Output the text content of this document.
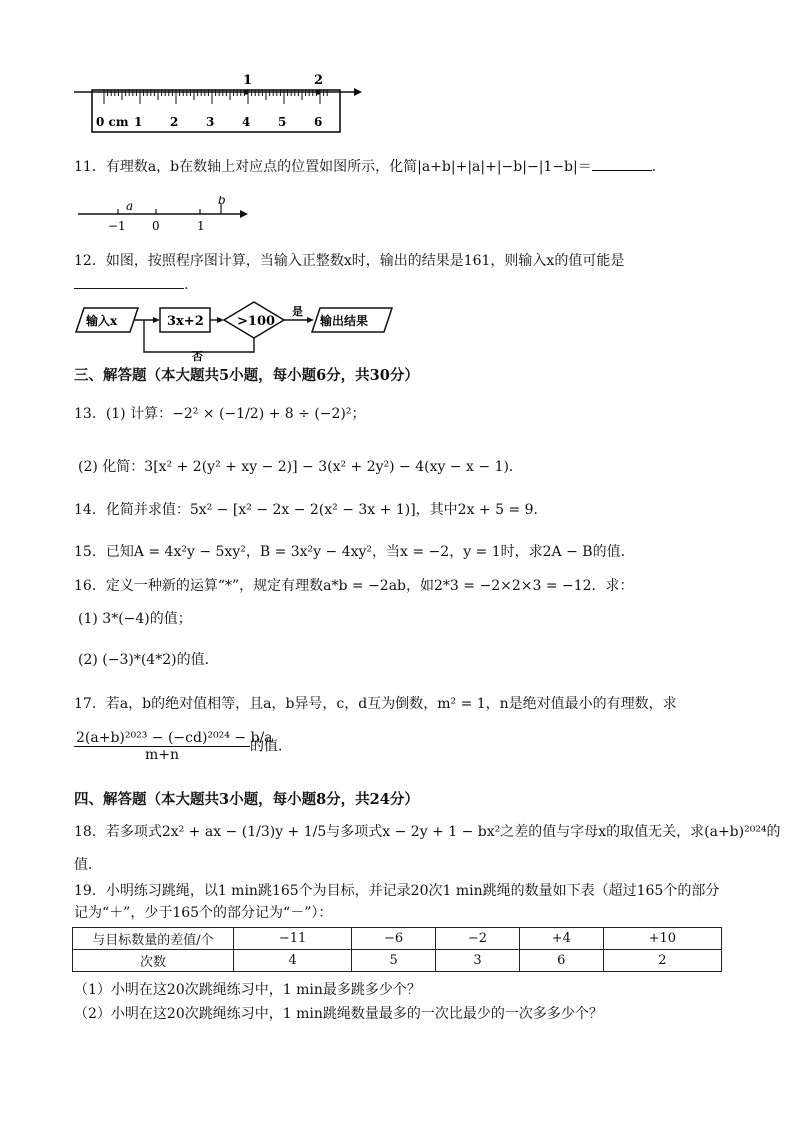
1	2
0 cm 1 2 3 4 5 6
11．有理数a，b在数轴上对应点的位置如图所示，化简|a+b|+|a|+|−b|−|1−b|＝	.
a	b
−1 0	1
12．如图，按照程序图计算，当输入正整数x时，输出的结果是161，则输入x的值可能是
.
输入x	3x+2	>100
是
输出结果
否
三、解答题（本大题共5小题，每小题6分，共30分）
13．(1) 计算：−2² × (−1/2) + 8 ÷ (−2)²；
(2) 化简：3[x² + 2(y² + xy − 2)] − 3(x² + 2y²) − 4(xy − x − 1)．
14．化简并求值：5x² − [x² − 2x − 2(x² − 3x + 1)]，其中2x + 5 = 9．
15．已知A = 4x²y − 5xy²，B = 3x²y − 4xy²，当x = −2，y = 1时，求2A − B的值．
16．定义一种新的运算“*”，规定有理数a*b = −2ab，如2*3 = −2×2×3 = −12．求：
(1) 3*(−4)的值；
(2) (−3)*(4*2)的值．
17．若a，b的绝对值相等，且a，b异号，c，d互为倒数，m² = 1，n是绝对值最小的有理数，求
$\frac{\text{2(a+b)²⁰²³ − (−cd)²⁰²⁴ − b/a}}{m+n}$ 的值．
四、解答题（本大题共3小题，每小题8分，共24分）
18．若多项式2x² + ax − (1/3)y + 1/5与多项式x − 2y + 1 − bx²之差的值与字母x的取值无关，求(a+b)²⁰²⁴的
值．
19．小明练习跳绳，以1 min跳165个为目标，并记录20次1 min跳绳的数量如下表（超过165个的部分
记为“＋”，少于165个的部分记为“－”）：
与目标数量的差值/个	−11	−6	−2	+4	+10
次数	4	5	3	6	2
（1）小明在这20次跳绳练习中，1 min最多跳多少个？
（2）小明在这20次跳绳练习中，1 min跳绳数量最多的一次比最少的一次多多少个？
